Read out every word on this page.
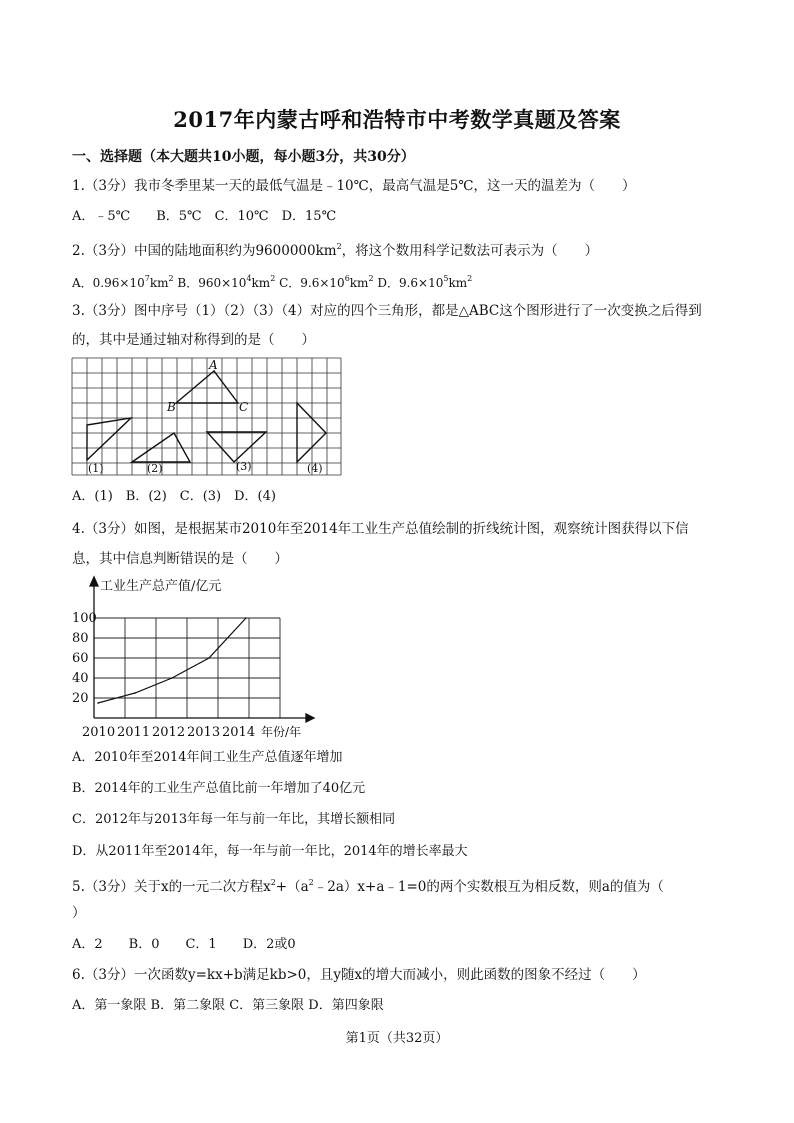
2017年内蒙古呼和浩特市中考数学真题及答案
一、选择题（本大题共10小题，每小题3分，共30分）
1.（3分）我市冬季里某一天的最低气温是﹣10℃，最高气温是5℃，这一天的温差为（　　）
A．﹣5℃　　B．5℃　C．10℃　D．15℃
2.（3分）中国的陆地面积约为$9600000km^2$，将这个数用科学记数法可表示为（　　）
A．$0.96\times 10^7km^2$ B．$960\times 10^4km^2$ C．$9.6\times 10^6km^2$ D．$9.6\times 10^5km^2$
3.（3分）图中序号（1）（2）（3）（4）对应的四个三角形，都是△ABC这个图形进行了一次变换之后得到
的，其中是通过轴对称得到的是（　　）
A
B	C
(1)	(2)	(3)	(4)
A．(1)　B．(2)　C．(3)　D．(4)
4.（3分）如图，是根据某市2010年至2014年工业生产总值绘制的折线统计图，观察统计图获得以下信
息，其中信息判断错误的是（　　）
工业生产总产值/亿元
20
40
60
80
100
2010 2011 2012 2013 2014 年份/年
A．2010年至2014年间工业生产总值逐年增加
B．2014年的工业生产总值比前一年增加了40亿元
C．2012年与2013年每一年与前一年比，其增长额相同
D．从2011年至2014年，每一年与前一年比，2014年的增长率最大
5.（3分）关于x的一元二次方程$x^2+(a^2﹣2a)x+a﹣1=0$的两个实数根互为相反数，则a的值为（
）
A．2　　B．0　　C．1　　D．2或0
6.（3分）一次函数y=kx+b满足kb>0，且y随x的增大而减小，则此函数的图象不经过（　　）
A．第一象限 B．第二象限 C．第三象限 D．第四象限
第1页（共32页）
